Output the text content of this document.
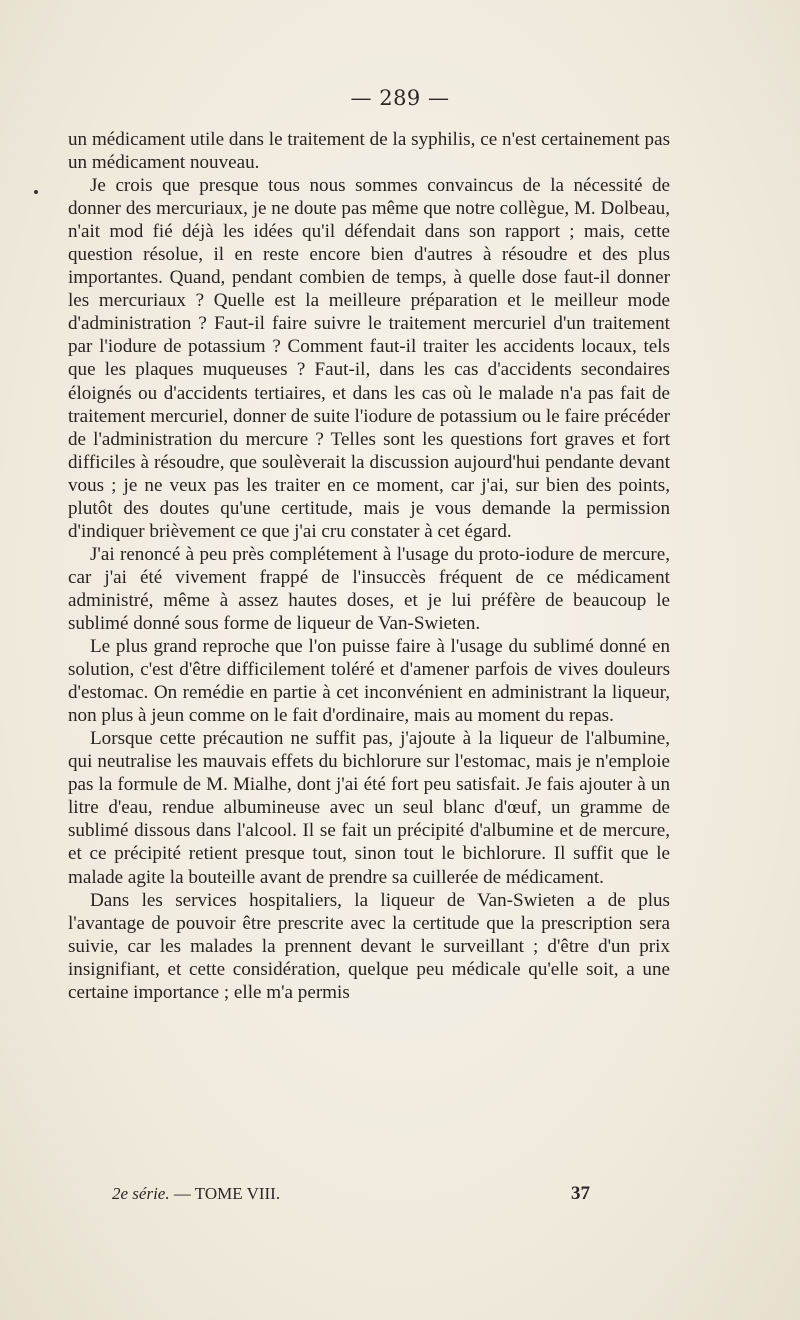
— 289 —

un médicament utile dans le traitement de la syphilis, ce n'est certainement pas un médicament nouveau.

Je crois que presque tous nous sommes convaincus de la nécessité de donner des mercuriaux, je ne doute pas même que notre collègue, M. Dolbeau, n'ait mod fié déjà les idées qu'il défendait dans son rapport ; mais, cette question résolue, il en reste encore bien d'autres à résoudre et des plus importantes. Quand, pendant combien de temps, à quelle dose faut-il donner les mercuriaux ? Quelle est la meilleure préparation et le meilleur mode d'administration ? Faut-il faire suivre le traitement mercuriel d'un traitement par l'iodure de potassium ? Comment faut-il traiter les accidents locaux, tels que les plaques muqueuses ? Faut-il, dans les cas d'accidents secondaires éloignés ou d'accidents tertiaires, et dans les cas où le malade n'a pas fait de traitement mercuriel, donner de suite l'iodure de potassium ou le faire précéder de l'administration du mercure ? Telles sont les questions fort graves et fort difficiles à résoudre, que soulèverait la discussion aujourd'hui pendante devant vous ; je ne veux pas les traiter en ce moment, car j'ai, sur bien des points, plutôt des doutes qu'une certitude, mais je vous demande la permission d'indiquer brièvement ce que j'ai cru constater à cet égard.

J'ai renoncé à peu près complétement à l'usage du proto-iodure de mercure, car j'ai été vivement frappé de l'insuccès fréquent de ce médicament administré, même à assez hautes doses, et je lui préfère de beaucoup le sublimé donné sous forme de liqueur de Van-Swieten.

Le plus grand reproche que l'on puisse faire à l'usage du sublimé donné en solution, c'est d'être difficilement toléré et d'amener parfois de vives douleurs d'estomac. On remédie en partie à cet inconvénient en administrant la liqueur, non plus à jeun comme on le fait d'ordinaire, mais au moment du repas.

Lorsque cette précaution ne suffit pas, j'ajoute à la liqueur de l'albumine, qui neutralise les mauvais effets du bichlorure sur l'estomac, mais je n'emploie pas la formule de M. Mialhe, dont j'ai été fort peu satisfait. Je fais ajouter à un litre d'eau, rendue albumineuse avec un seul blanc d'œuf, un gramme de sublimé dissous dans l'alcool. Il se fait un précipité d'albumine et de mercure, et ce précipité retient presque tout, sinon tout le bichlorure. Il suffit que le malade agite la bouteille avant de prendre sa cuillerée de médicament.

Dans les services hospitaliers, la liqueur de Van-Swieten a de plus l'avantage de pouvoir être prescrite avec la certitude que la prescription sera suivie, car les malades la prennent devant le surveillant ; d'être d'un prix insignifiant, et cette considération, quelque peu médicale qu'elle soit, a une certaine importance ; elle m'a permis

2e série. — TOME VIII.	37
